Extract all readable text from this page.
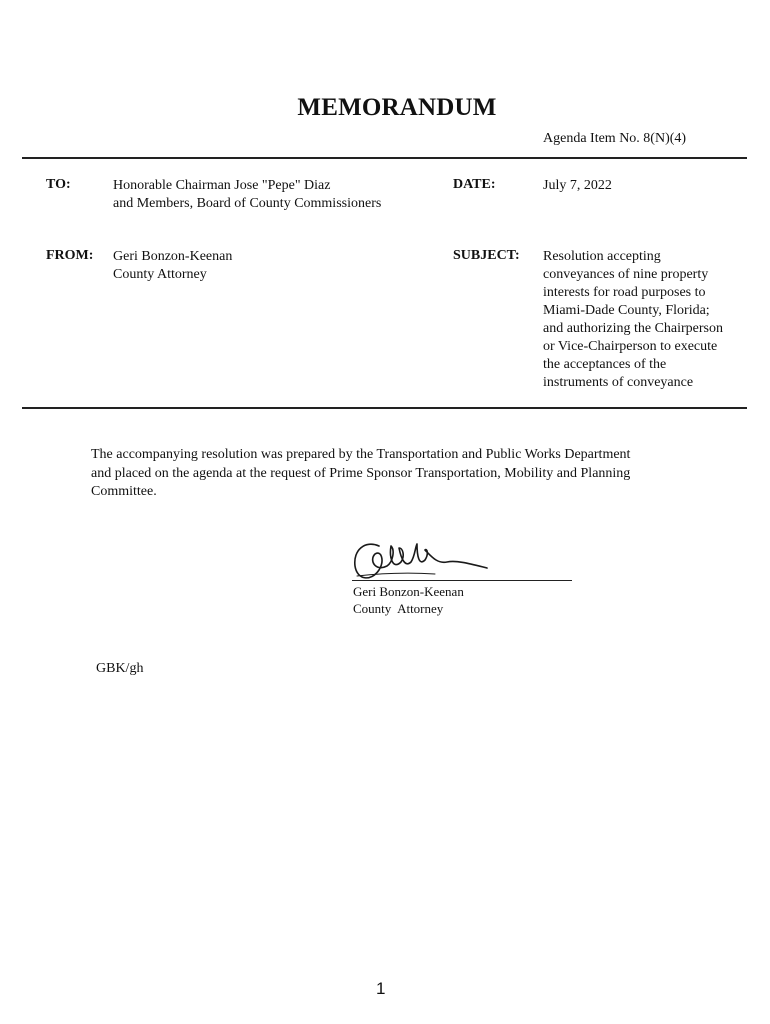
MEMORANDUM
Agenda Item No. 8(N)(4)
TO:	Honorable Chairman Jose "Pepe" Diaz
and Members, Board of County Commissioners
DATE:	July 7, 2022
FROM: Geri Bonzon-Keenan
County Attorney
SUBJECT: Resolution accepting
conveyances of nine property
interests for road purposes to
Miami-Dade County, Florida;
and authorizing the Chairperson
or Vice-Chairperson to execute
the acceptances of the
instruments of conveyance
The accompanying resolution was prepared by the Transportation and Public Works Department
and placed on the agenda at the request of Prime Sponsor Transportation, Mobility and Planning
Committee.
Geri Bonzon-Keenan
County  Attorney
GBK/gh
1
